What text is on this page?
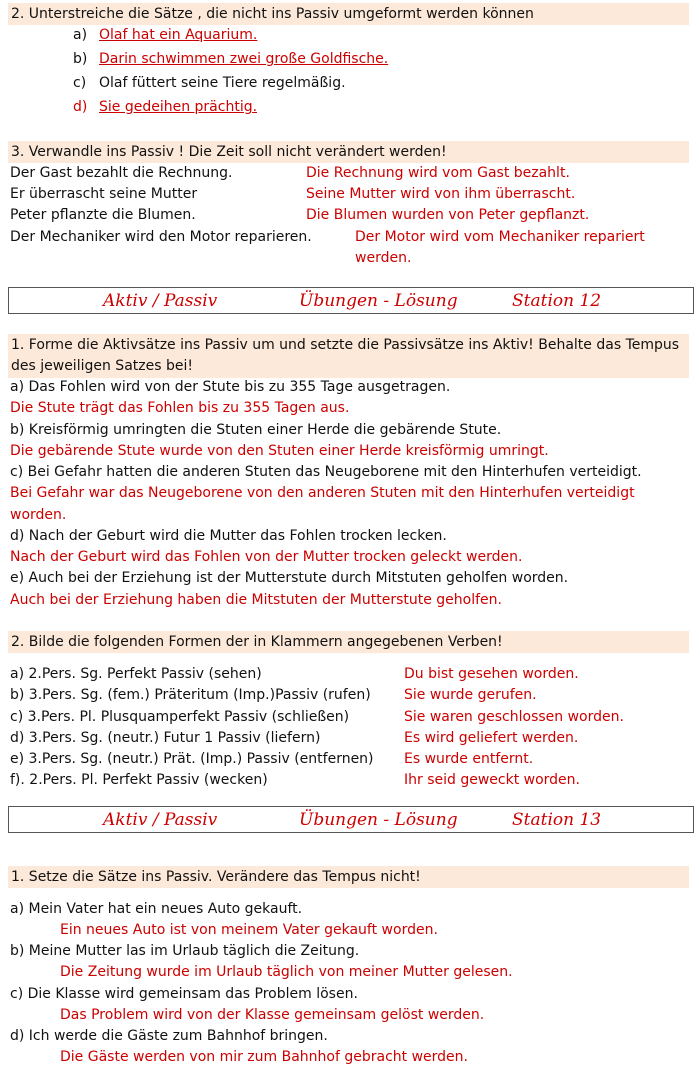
2. Unterstreiche die Sätze , die nicht ins Passiv umgeformt werden können
a) Olaf hat ein Aquarium.
b) Darin schwimmen zwei große Goldfische.
c) Olaf füttert seine Tiere regelmäßig.
d) Sie gedeihen prächtig.
3. Verwandle ins Passiv ! Die Zeit soll nicht verändert werden!
Der Gast bezahlt die Rechnung.	Die Rechnung wird vom Gast bezahlt.
Er überrascht seine Mutter	Seine Mutter wird von ihm überrascht.
Peter pflanzte die Blumen.	Die Blumen wurden von Peter gepflanzt.
Der Mechaniker wird den Motor reparieren.	Der Motor wird vom Mechaniker repariert
werden.
Aktiv / Passiv	Übungen - Lösung	Station 12
1. Forme die Aktivsätze ins Passiv um und setzte die Passivsätze ins Aktiv! Behalte das Tempus des jeweiligen Satzes bei!
a) Das Fohlen wird von der Stute bis zu 355 Tage ausgetragen.
Die Stute trägt das Fohlen bis zu 355 Tagen aus.
b) Kreisförmig umringten die Stuten einer Herde die gebärende Stute.
Die gebärende Stute wurde von den Stuten einer Herde kreisförmig umringt.
c) Bei Gefahr hatten die anderen Stuten das Neugeborene mit den Hinterhufen verteidigt.
Bei Gefahr war das Neugeborene von den anderen Stuten mit den Hinterhufen verteidigt
worden.
d) Nach der Geburt wird die Mutter das Fohlen trocken lecken.
Nach der Geburt wird das Fohlen von der Mutter trocken geleckt werden.
e) Auch bei der Erziehung ist der Mutterstute durch Mitstuten geholfen worden.
Auch bei der Erziehung haben die Mitstuten der Mutterstute geholfen.
2. Bilde die folgenden Formen der in Klammern angegebenen Verben!
a) 2.Pers. Sg. Perfekt Passiv (sehen)	Du bist gesehen worden.
b) 3.Pers. Sg. (fem.) Präteritum (Imp.)Passiv (rufen) Sie wurde gerufen.
c) 3.Pers. Pl. Plusquamperfekt Passiv (schließen)	Sie waren geschlossen worden.
d) 3.Pers. Sg. (neutr.) Futur 1 Passiv (liefern)	Es wird geliefert werden.
e) 3.Pers. Sg. (neutr.) Prät. (Imp.) Passiv (entfernen) Es wurde entfernt.
f). 2.Pers. Pl. Perfekt Passiv (wecken)	Ihr seid geweckt worden.
Aktiv / Passiv	Übungen - Lösung	Station 13
1. Setze die Sätze ins Passiv. Verändere das Tempus nicht!
a) Mein Vater hat ein neues Auto gekauft.
Ein neues Auto ist von meinem Vater gekauft worden.
b) Meine Mutter las im Urlaub täglich die Zeitung.
Die Zeitung wurde im Urlaub täglich von meiner Mutter gelesen.
c) Die Klasse wird gemeinsam das Problem lösen.
Das Problem wird von der Klasse gemeinsam gelöst werden.
d) Ich werde die Gäste zum Bahnhof bringen.
Die Gäste werden von mir zum Bahnhof gebracht werden.
